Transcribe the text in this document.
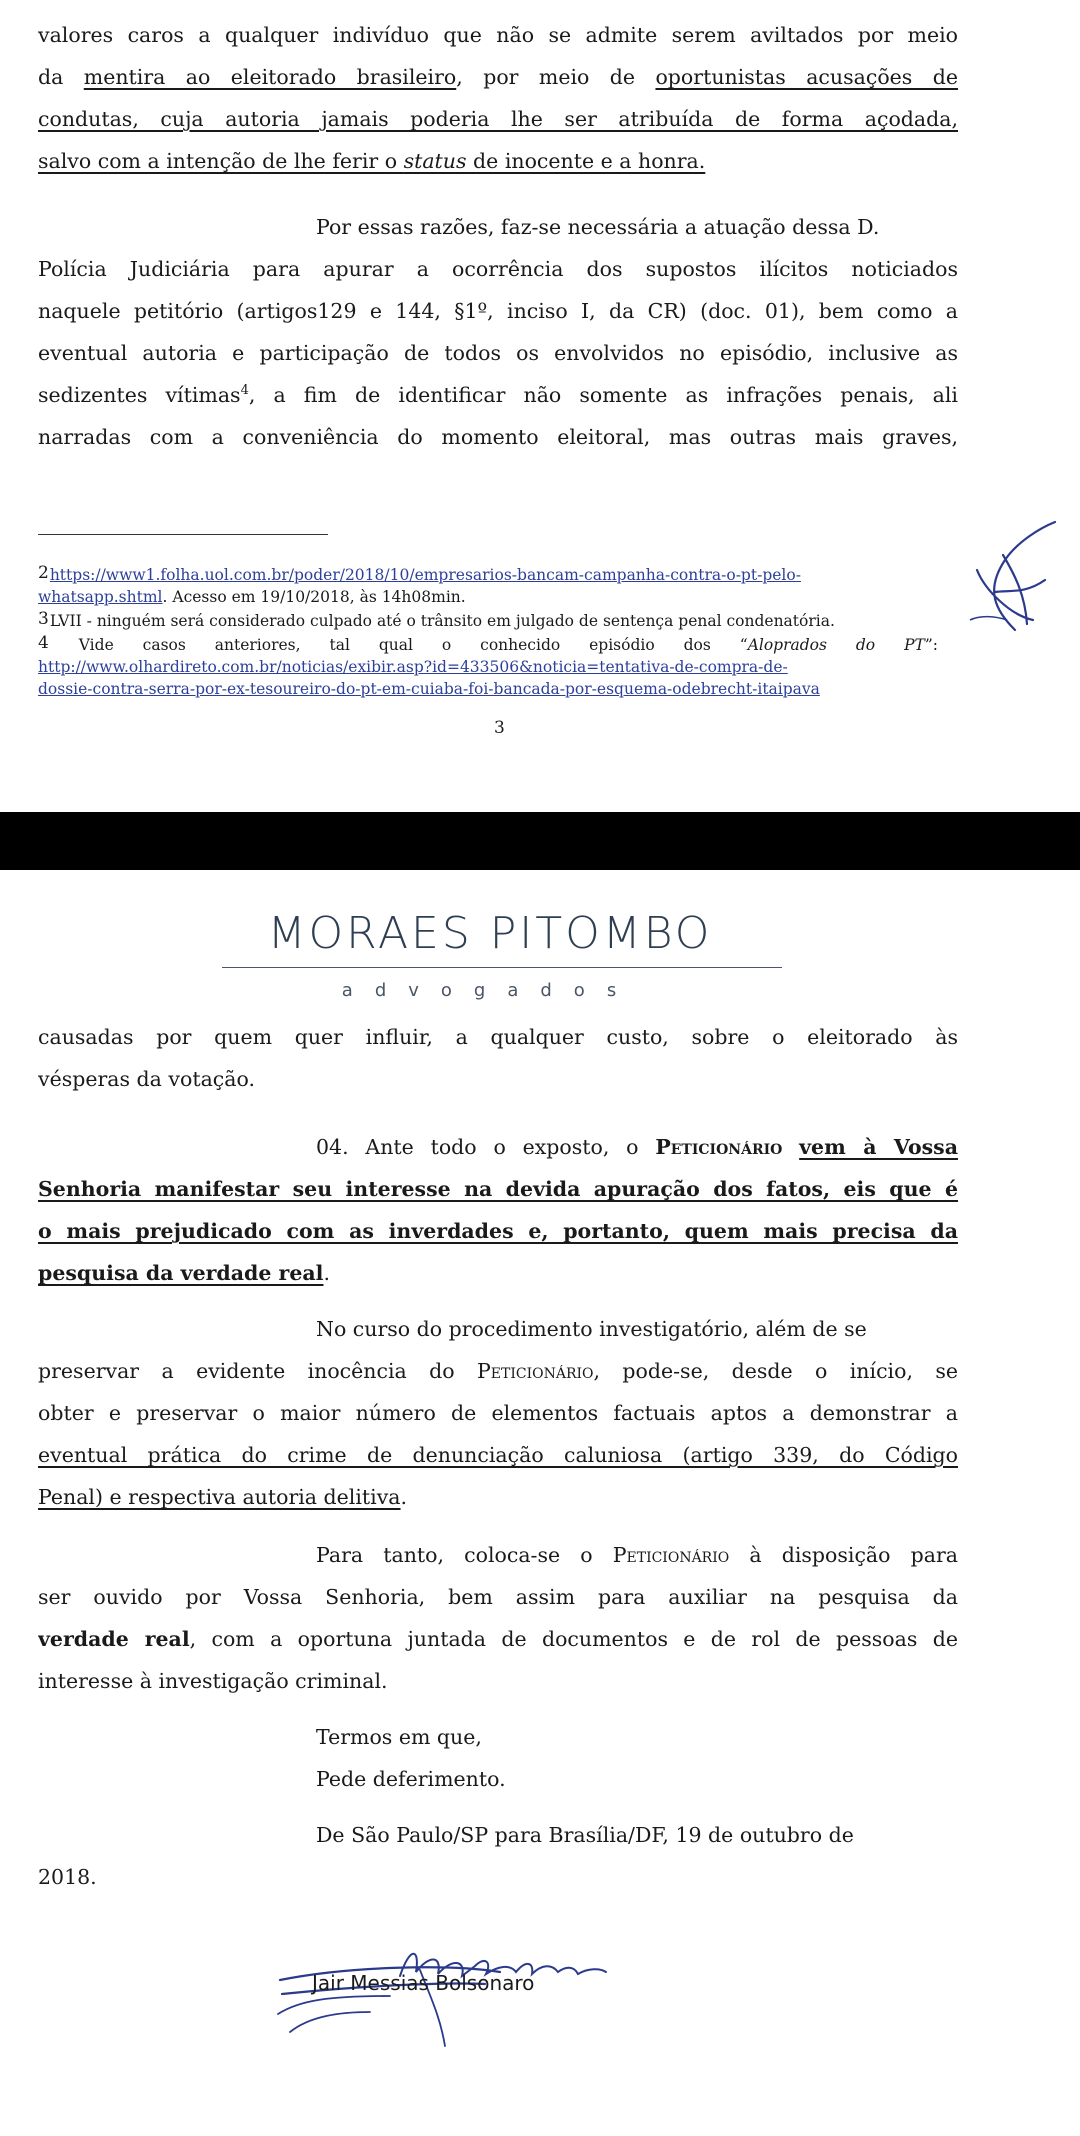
valores caros a qualquer indivíduo que não se admite serem aviltados por meio
da mentira ao eleitorado brasileiro, por meio de oportunistas acusações de
condutas, cuja autoria jamais poderia lhe ser atribuída de forma açodada,
salvo com a intenção de lhe ferir o status de inocente e a honra.
Por essas razões, faz-se necessária a atuação dessa D.
Polícia Judiciária para apurar a ocorrência dos supostos ilícitos noticiados
naquele petitório (artigos129 e 144, §1º, inciso I, da CR) (doc. 01), bem como a
eventual autoria e participação de todos os envolvidos no episódio, inclusive as
sedizentes vítimas$^4$, a fim de identificar não somente as infrações penais, ali
narradas com a conveniência do momento eleitoral, mas outras mais graves,
2https://www1.folha.uol.com.br/poder/2018/10/empresarios-bancam-campanha-contra-o-pt-pelo-
whatsapp.shtml. Acesso em 19/10/2018, às 14h08min.
3LVII - ninguém será considerado culpado até o trânsito em julgado de sentença penal condenatória.
4 Vide casos anteriores, tal qual o conhecido episódio dos “Aloprados do PT”:
http://www.olhardireto.com.br/noticias/exibir.asp?id=433506&noticia=tentativa-de-compra-de-
dossie-contra-serra-por-ex-tesoureiro-do-pt-em-cuiaba-foi-bancada-por-esquema-odebrecht-itaipava
3
MORAES PITOMBO
advogados
causadas por quem quer influir, a qualquer custo, sobre o eleitorado às
vésperas da votação.
04. Ante todo o exposto, o Peticionário vem à Vossa
Senhoria manifestar seu interesse na devida apuração dos fatos, eis que é
o mais prejudicado com as inverdades e, portanto, quem mais precisa da
pesquisa da verdade real.
No curso do procedimento investigatório, além de se
preservar a evidente inocência do Peticionário, pode-se, desde o início, se
obter e preservar o maior número de elementos factuais aptos a demonstrar a
eventual prática do crime de denunciação caluniosa (artigo 339, do Código
Penal) e respectiva autoria delitiva.
Para tanto, coloca-se o Peticionário à disposição para
ser ouvido por Vossa Senhoria, bem assim para auxiliar na pesquisa da
verdade real, com a oportuna juntada de documentos e de rol de pessoas de
interesse à investigação criminal.
Termos em que,
Pede deferimento.
De São Paulo/SP para Brasília/DF, 19 de outubro de
2018.
Jair Messias Bolsonaro
